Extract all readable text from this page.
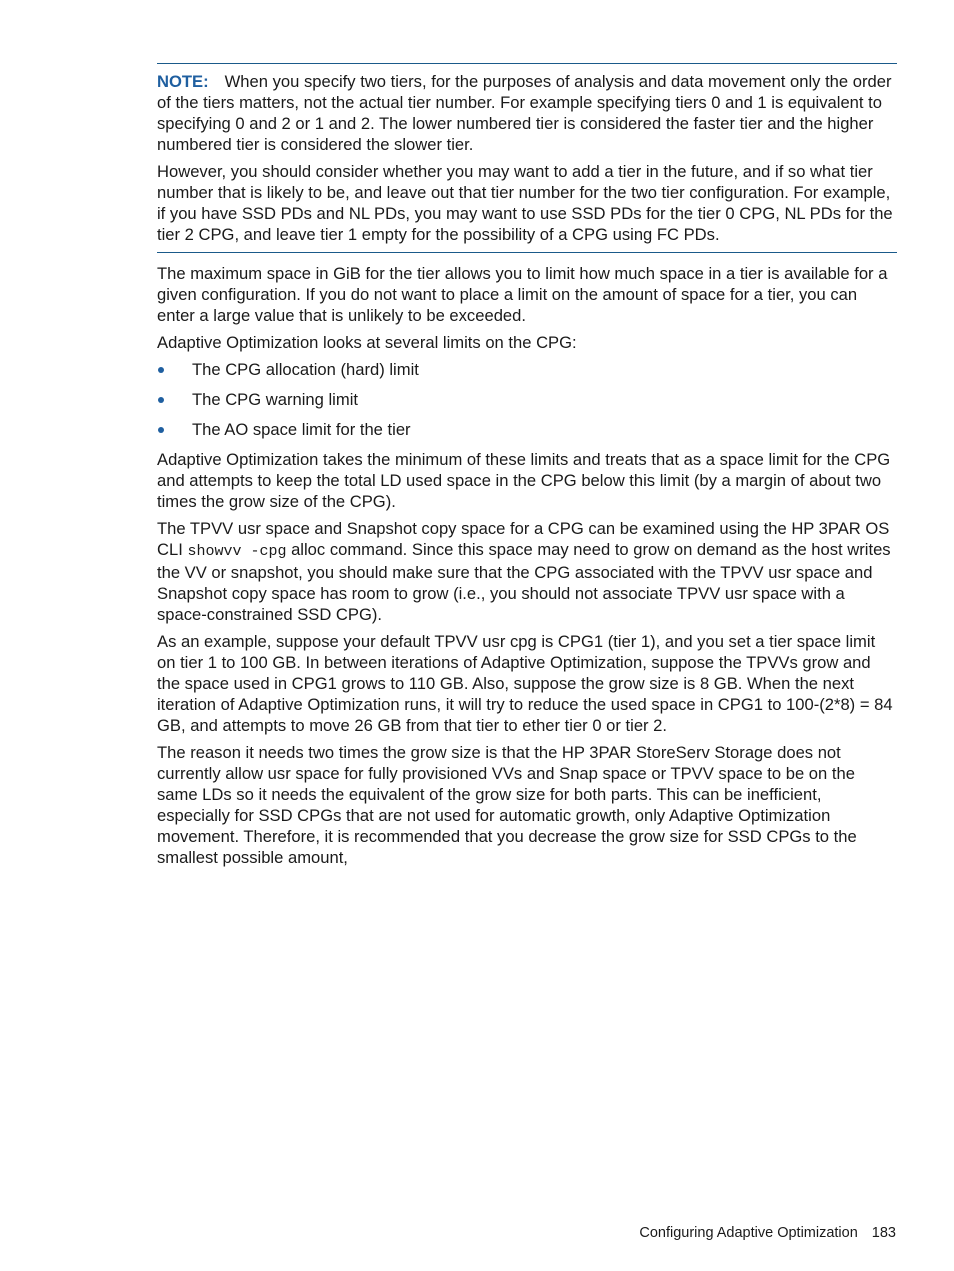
NOTE: When you specify two tiers, for the purposes of analysis and data movement only the order of the tiers matters, not the actual tier number. For example specifying tiers 0 and 1 is equivalent to specifying 0 and 2 or 1 and 2. The lower numbered tier is considered the faster tier and the higher numbered tier is considered the slower tier.

However, you should consider whether you may want to add a tier in the future, and if so what tier number that is likely to be, and leave out that tier number for the two tier configuration. For example, if you have SSD PDs and NL PDs, you may want to use SSD PDs for the tier 0 CPG, NL PDs for the tier 2 CPG, and leave tier 1 empty for the possibility of a CPG using FC PDs.

The maximum space in GiB for the tier allows you to limit how much space in a tier is available for a given configuration. If you do not want to place a limit on the amount of space for a tier, you can enter a large value that is unlikely to be exceeded.

Adaptive Optimization looks at several limits on the CPG:

The CPG allocation (hard) limit
The CPG warning limit
The AO space limit for the tier

Adaptive Optimization takes the minimum of these limits and treats that as a space limit for the CPG and attempts to keep the total LD used space in the CPG below this limit (by a margin of about two times the grow size of the CPG).

The TPVV usr space and Snapshot copy space for a CPG can be examined using the HP 3PAR OS CLI showvv -cpg alloc command. Since this space may need to grow on demand as the host writes the VV or snapshot, you should make sure that the CPG associated with the TPVV usr space and Snapshot copy space has room to grow (i.e., you should not associate TPVV usr space with a space-constrained SSD CPG).

As an example, suppose your default TPVV usr cpg is CPG1 (tier 1), and you set a tier space limit on tier 1 to 100 GB. In between iterations of Adaptive Optimization, suppose the TPVVs grow and the space used in CPG1 grows to 110 GB. Also, suppose the grow size is 8 GB. When the next iteration of Adaptive Optimization runs, it will try to reduce the used space in CPG1 to 100-(2*8) = 84 GB, and attempts to move 26 GB from that tier to ether tier 0 or tier 2.

The reason it needs two times the grow size is that the HP 3PAR StoreServ Storage does not currently allow usr space for fully provisioned VVs and Snap space or TPVV space to be on the same LDs so it needs the equivalent of the grow size for both parts. This can be inefficient, especially for SSD CPGs that are not used for automatic growth, only Adaptive Optimization movement. Therefore, it is recommended that you decrease the grow size for SSD CPGs to the smallest possible amount,

Configuring Adaptive Optimization 183
